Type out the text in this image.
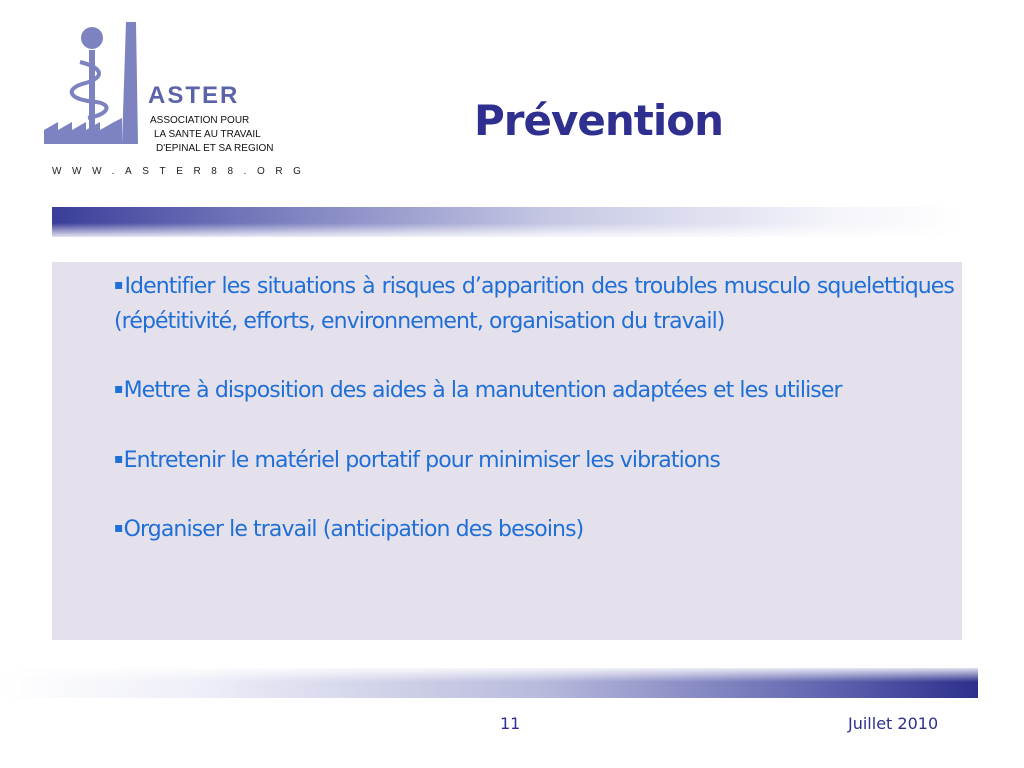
ASTER
ASSOCIATION POUR
LA SANTE AU TRAVAIL
D'EPINAL ET SA REGION
WWW.ASTER88.ORG
Prévention
▪Identifier les situations à risques d’apparition des troubles musculo squelettiques (répétitivité, efforts, environnement, organisation du travail)
▪Mettre à disposition des aides à la manutention adaptées et les utiliser
▪Entretenir le matériel portatif pour minimiser les vibrations
▪Organiser le travail (anticipation des besoins)
11	Juillet 2010
